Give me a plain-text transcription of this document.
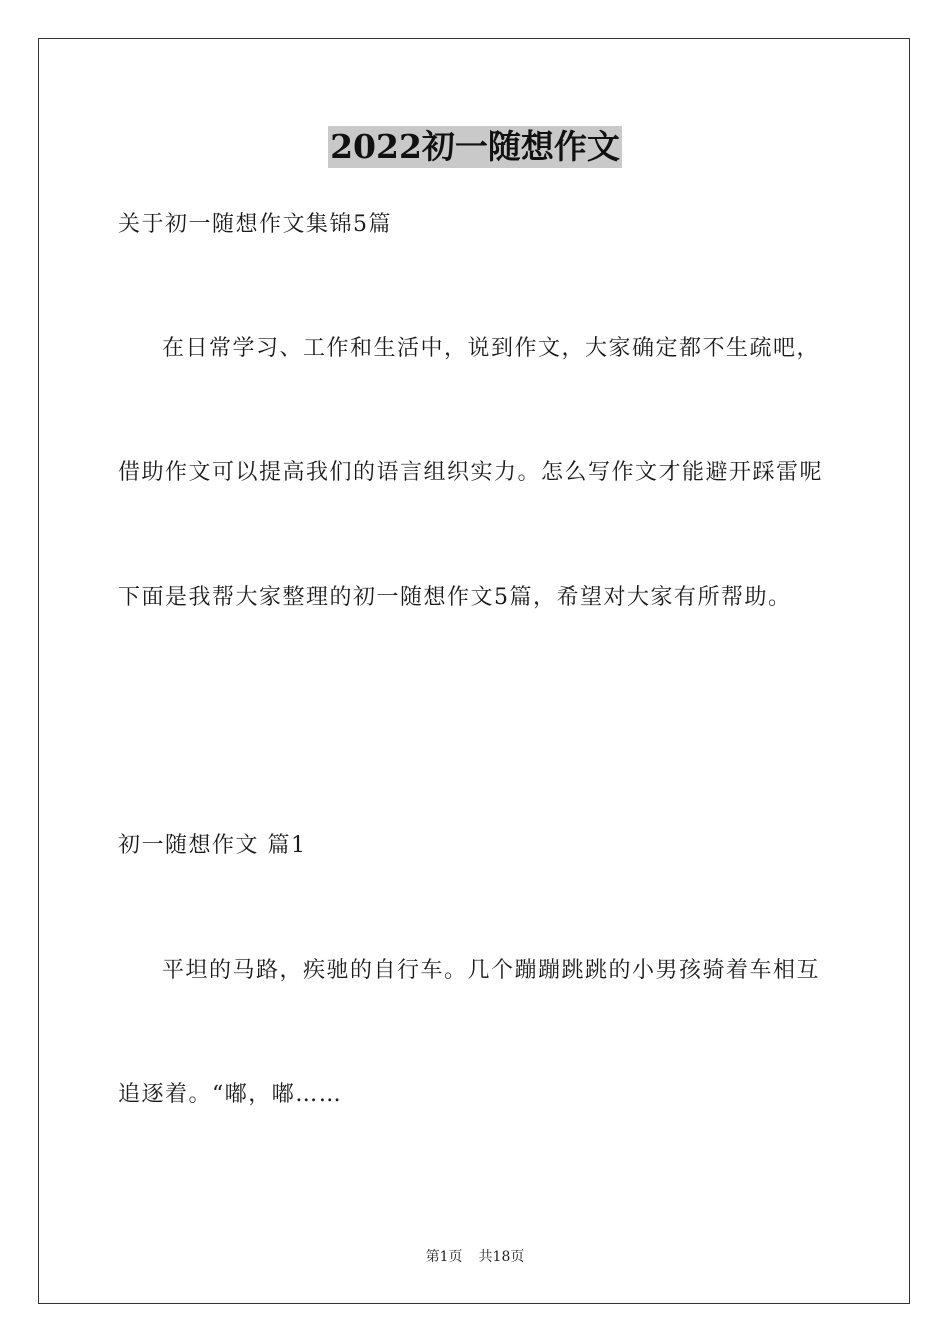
2022初一随想作文
关于初一随想作文集锦5篇
在日常学习、工作和生活中，说到作文，大家确定都不生疏吧，
借助作文可以提高我们的语言组织实力。怎么写作文才能避开踩雷呢
下面是我帮大家整理的初一随想作文5篇，希望对大家有所帮助。
初一随想作文 篇1
平坦的马路，疾驰的自行车。几个蹦蹦跳跳的小男孩骑着车相互
追逐着。“嘟，嘟……
第1页 共18页
